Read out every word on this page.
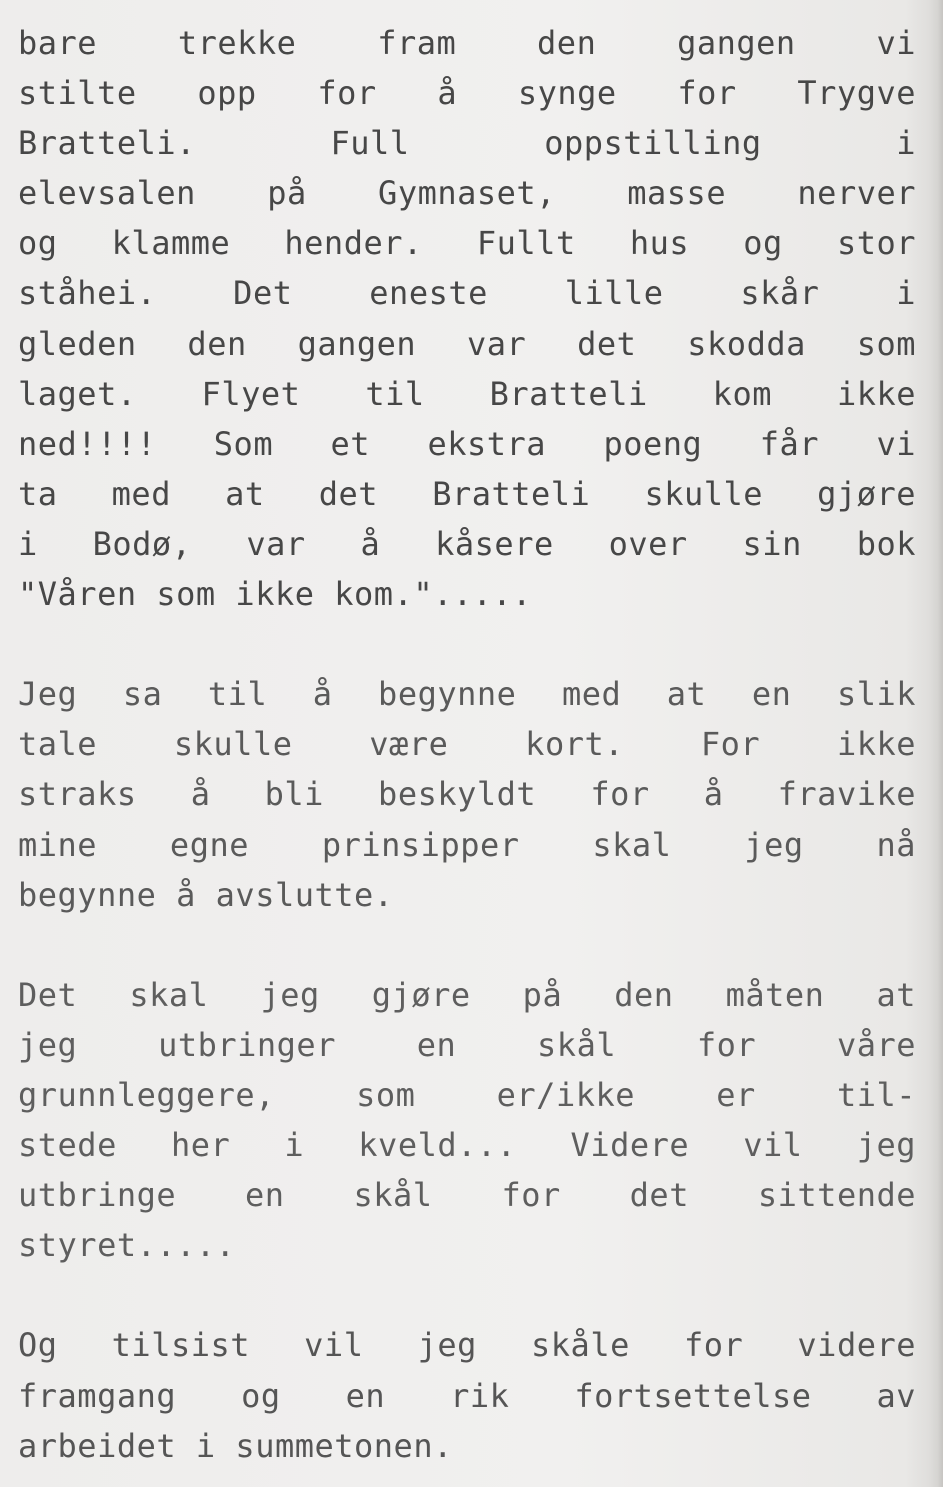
bare trekke fram den gangen vi
stilte opp for å synge for Trygve
Bratteli. Full oppstilling i
elevsalen på Gymnaset, masse nerver
og klamme hender. Fullt hus og stor
ståhei. Det eneste lille skår i
gleden den gangen var det skodda som
laget. Flyet til Bratteli kom ikke
ned!!!! Som et ekstra poeng får vi
ta med at det Bratteli skulle gjøre
i Bodø, var å kåsere over sin bok
"Våren som ikke kom.".....
Jeg sa til å begynne med at en slik
tale skulle være kort. For ikke
straks å bli beskyldt for å fravike
mine egne prinsipper skal jeg nå
begynne å avslutte.
Det skal jeg gjøre på den måten at
jeg utbringer en skål for våre
grunnleggere, som er/ikke er til-
stede her i kveld... Videre vil jeg
utbringe en skål for det sittende
styret.....
Og tilsist vil jeg skåle for videre
framgang og en rik fortsettelse av
arbeidet i summetonen.
